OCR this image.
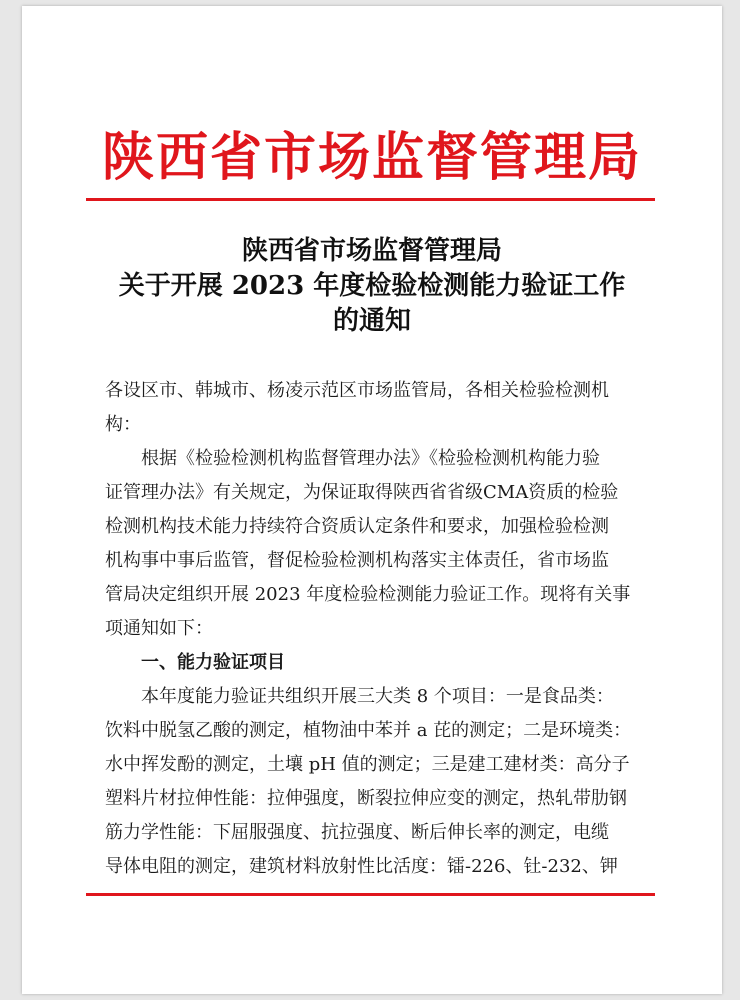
陕西省市场监督管理局
陕西省市场监督管理局
关于开展 2023 年度检验检测能力验证工作
的通知
各设区市、韩城市、杨凌示范区市场监管局，各相关检验检测机
构：
　　根据《检验检测机构监督管理办法》《检验检测机构能力验
证管理办法》有关规定，为保证取得陕西省省级CMA资质的检验
检测机构技术能力持续符合资质认定条件和要求，加强检验检测
机构事中事后监管，督促检验检测机构落实主体责任，省市场监
管局决定组织开展 2023 年度检验检测能力验证工作。现将有关事
项通知如下：
一、能力验证项目
　　本年度能力验证共组织开展三大类 8 个项目：一是食品类：
饮料中脱氢乙酸的测定，植物油中苯并 a 芘的测定；二是环境类：
水中挥发酚的测定，土壤 pH 值的测定；三是建工建材类：高分子
塑料片材拉伸性能：拉伸强度，断裂拉伸应变的测定，热轧带肋钢
筋力学性能：下屈服强度、抗拉强度、断后伸长率的测定，电缆
导体电阻的测定，建筑材料放射性比活度：镭-226、钍-232、钾
